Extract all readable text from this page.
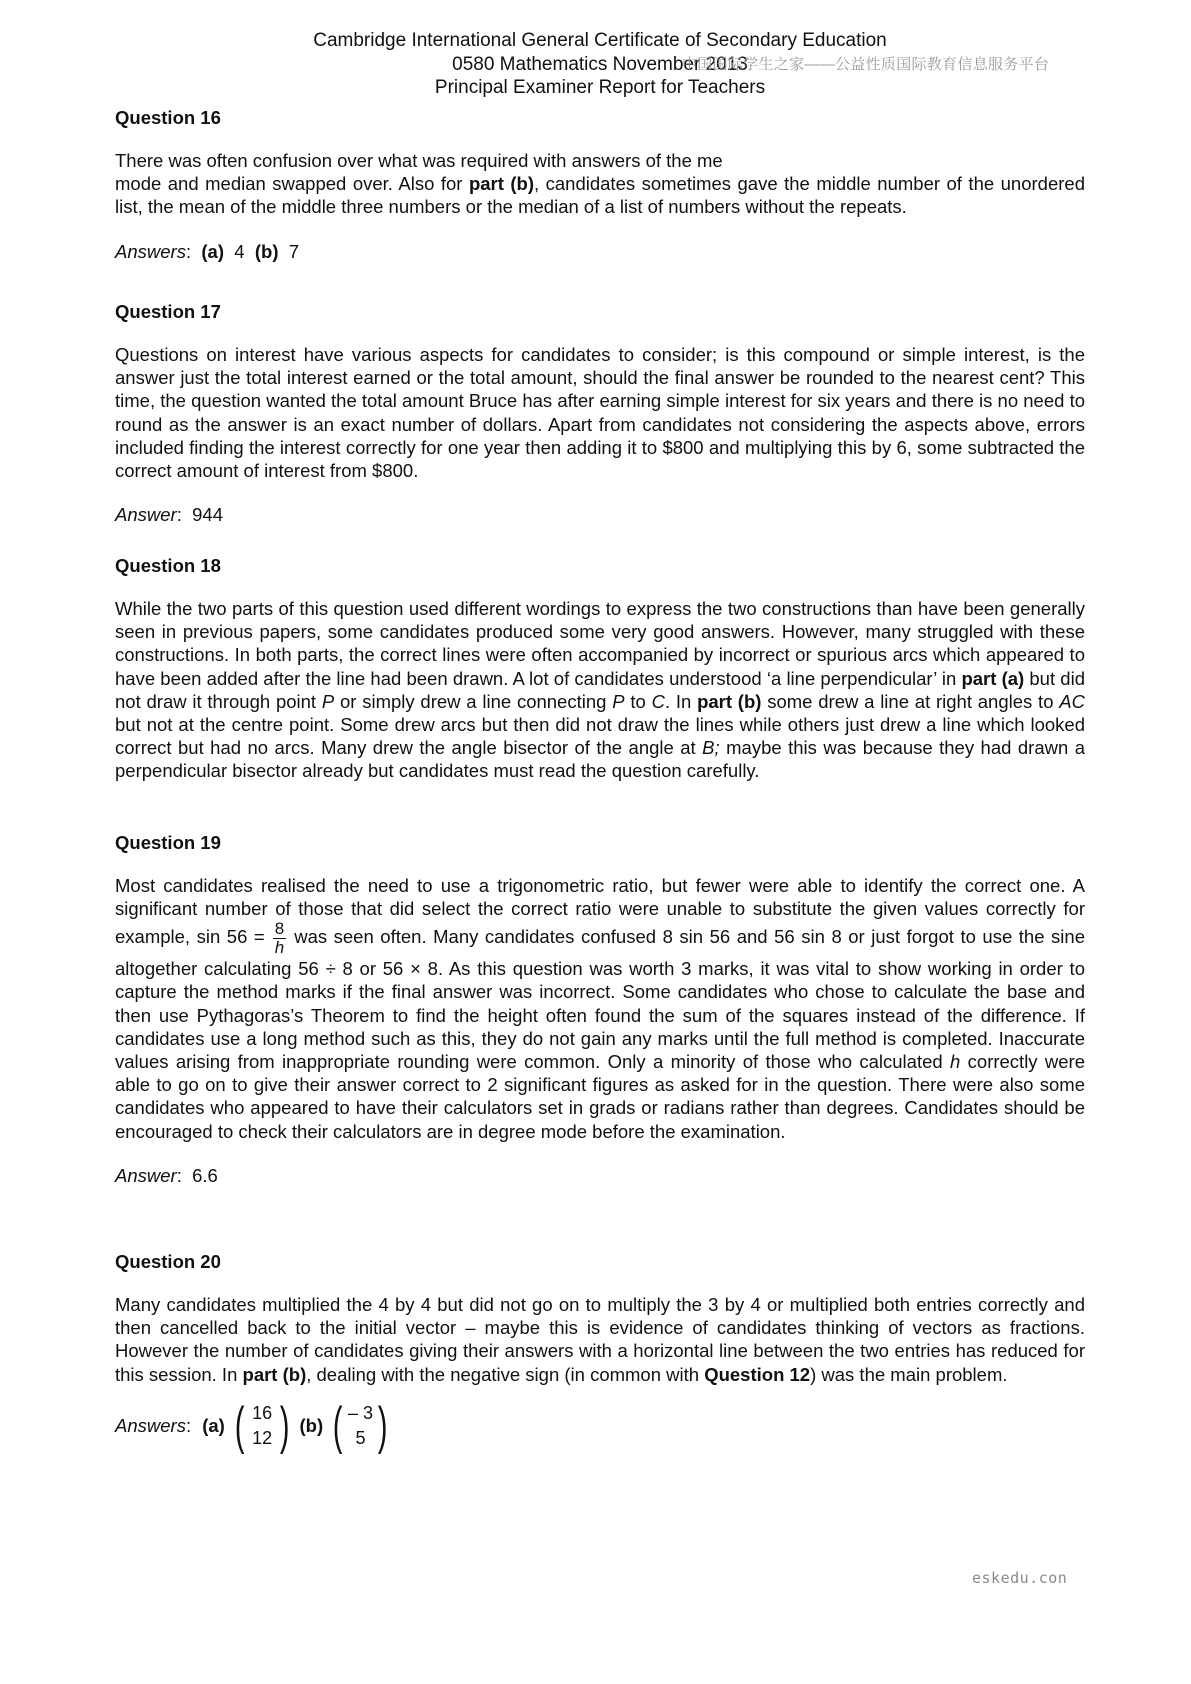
Cambridge International General Certificate of Secondary Education
0580 Mathematics November 2013
Principal Examiner Report for Teachers

Question 16

There was often confusion over what was required with answers of the me
mode and median swapped over. Also for part (b), candidates sometimes gave the middle number of the unordered list, the mean of the middle three numbers or the median of a list of numbers without the repeats.

Answers:  (a) 4 (b) 7

Question 17

Questions on interest have various aspects for candidates to consider; is this compound or simple interest, is the answer just the total interest earned or the total amount, should the final answer be rounded to the nearest cent? This time, the question wanted the total amount Bruce has after earning simple interest for six years and there is no need to round as the answer is an exact number of dollars. Apart from candidates not considering the aspects above, errors included finding the interest correctly for one year then adding it to $800 and multiplying this by 6, some subtracted the correct amount of interest from $800.

Answer:  944

Question 18

While the two parts of this question used different wordings to express the two constructions than have been generally seen in previous papers, some candidates produced some very good answers. However, many struggled with these constructions. In both parts, the correct lines were often accompanied by incorrect or spurious arcs which appeared to have been added after the line had been drawn. A lot of candidates understood ‘a line perpendicular’ in part (a) but did not draw it through point P or simply drew a line connecting P to C. In part (b) some drew a line at right angles to AC but not at the centre point. Some drew arcs but then did not draw the lines while others just drew a line which looked correct but had no arcs. Many drew the angle bisector of the angle at B; maybe this was because they had drawn a perpendicular bisector already but candidates must read the question carefully.

Question 19

Most candidates realised the need to use a trigonometric ratio, but fewer were able to identify the correct one. A significant number of those that did select the correct ratio were unable to substitute the given values correctly for example, $\sin 56 = \frac{8}{h}$ was seen often. Many candidates confused 8 sin 56 and 56 sin 8 or just forgot to use the sine altogether calculating 56 ÷ 8 or 56 × 8. As this question was worth 3 marks, it was vital to show working in order to capture the method marks if the final answer was incorrect. Some candidates who chose to calculate the base and then use Pythagoras’s Theorem to find the height often found the sum of the squares instead of the difference. If candidates use a long method such as this, they do not gain any marks until the full method is completed. Inaccurate values arising from inappropriate rounding were common. Only a minority of those who calculated h correctly were able to go on to give their answer correct to 2 significant figures as asked for in the question. There were also some candidates who appeared to have their calculators set in grads or radians rather than degrees. Candidates should be encouraged to check their calculators are in degree mode before the examination.

Answer:  6.6

Question 20

Many candidates multiplied the 4 by 4 but did not go on to multiply the 3 by 4 or multiplied both entries correctly and then cancelled back to the initial vector – maybe this is evidence of candidates thinking of vectors as fractions. However the number of candidates giving their answers with a horizontal line between the two entries has reduced for this session. In part (b), dealing with the negative sign (in common with Question 12) was the main problem.

Answers : (a) ( 16
12 ) (b) ( – 3
5 )

中国国际学生之家——公益性质国际教育信息服务平台
eskedu.con
